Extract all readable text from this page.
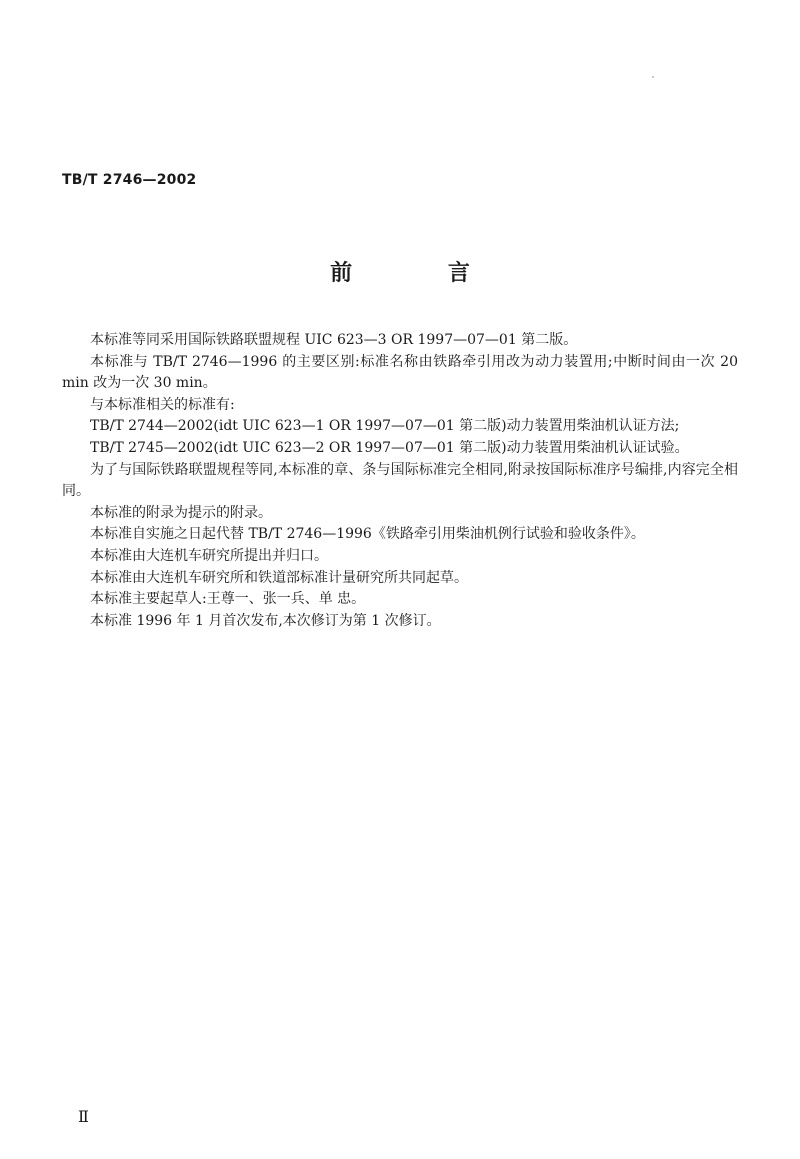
TB/T 2746—2002
前 言

本标准等同采用国际铁路联盟规程 UIC 623—3 OR 1997—07—01 第二版。

本标准与 TB/T 2746—1996 的主要区别:标准名称由铁路牵引用改为动力装置用;中断时间由一次 20 min 改为一次 30 min。

与本标准相关的标准有:

TB/T 2744—2002(idt UIC 623—1 OR 1997—07—01 第二版)动力装置用柴油机认证方法;

TB/T 2745—2002(idt UIC 623—2 OR 1997—07—01 第二版)动力装置用柴油机认证试验。

为了与国际铁路联盟规程等同,本标准的章、条与国际标准完全相同,附录按国际标准序号编排,内容完全相同。

本标准的附录为提示的附录。

本标准自实施之日起代替 TB/T 2746—1996《铁路牵引用柴油机例行试验和验收条件》。

本标准由大连机车研究所提出并归口。

本标准由大连机车研究所和铁道部标准计量研究所共同起草。

本标准主要起草人:王尊一、张一兵、单 忠。

本标准 1996 年 1 月首次发布,本次修订为第 1 次修订。

Ⅱ
